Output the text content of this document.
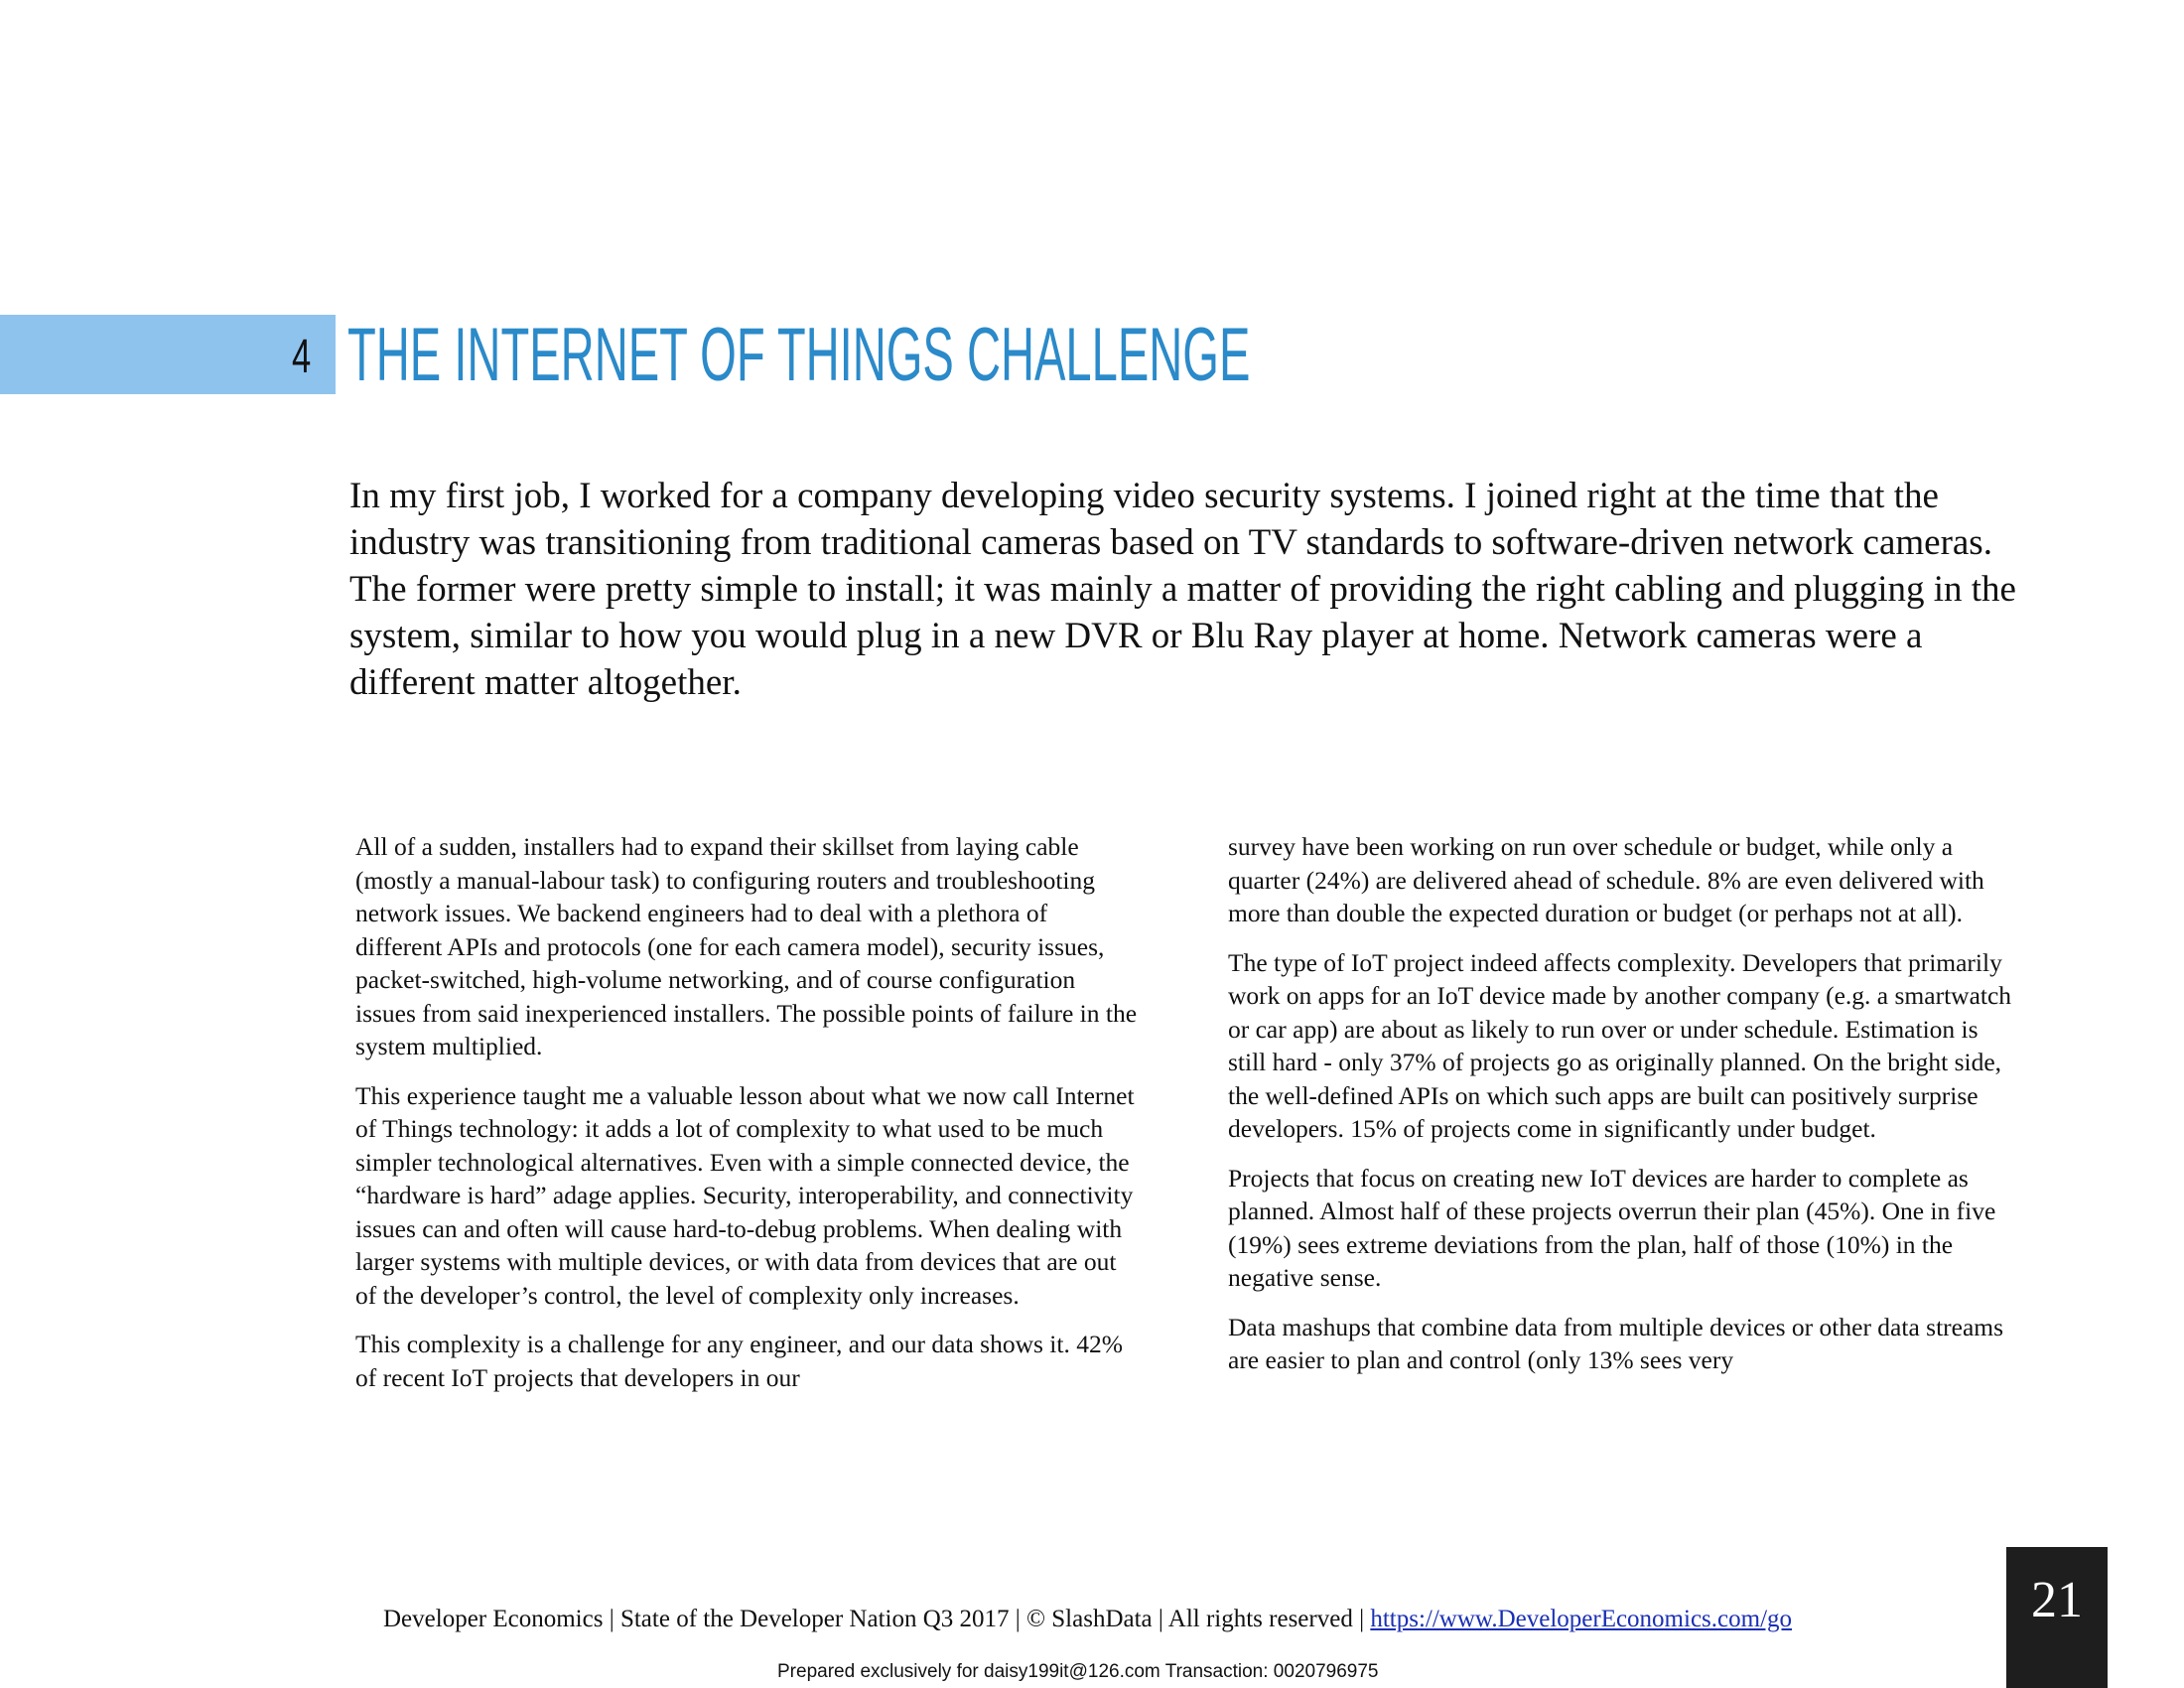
4 THE INTERNET OF THINGS CHALLENGE

In my first job, I worked for a company developing video security systems. I joined right at the time that the industry was transitioning from traditional cameras based on TV standards to software-driven network cameras. The former were pretty simple to install; it was mainly a matter of providing the right cabling and plugging in the system, similar to how you would plug in a new DVR or Blu Ray player at home. Network cameras were a different matter altogether.

All of a sudden, installers had to expand their skillset from laying cable (mostly a manual-labour task) to configuring routers and troubleshooting network issues. We backend engineers had to deal with a plethora of different APIs and protocols (one for each camera model), security issues, packet-switched, high-volume networking, and of course configuration issues from said inexperienced installers. The possible points of failure in the system multiplied.

This experience taught me a valuable lesson about what we now call Internet of Things technology: it adds a lot of complexity to what used to be much simpler technological alternatives. Even with a simple connected device, the “hardware is hard” adage applies. Security, interoperability, and connectivity issues can and often will cause hard-to-debug problems. When dealing with larger systems with multiple devices, or with data from devices that are out of the developer’s control, the level of complexity only increases.

This complexity is a challenge for any engineer, and our data shows it. 42% of recent IoT projects that developers in our

survey have been working on run over schedule or budget, while only a quarter (24%) are delivered ahead of schedule. 8% are even delivered with more than double the expected duration or budget (or perhaps not at all).

The type of IoT project indeed affects complexity. Developers that primarily work on apps for an IoT device made by another company (e.g. a smartwatch or car app) are about as likely to run over or under schedule. Estimation is still hard - only 37% of projects go as originally planned. On the bright side, the well-defined APIs on which such apps are built can positively surprise developers. 15% of projects come in significantly under budget.

Projects that focus on creating new IoT devices are harder to complete as planned. Almost half of these projects overrun their plan (45%). One in five (19%) sees extreme deviations from the plan, half of those (10%) in the negative sense.

Data mashups that combine data from multiple devices or other data streams are easier to plan and control (only 13% sees very

Developer Economics | State of the Developer Nation Q3 2017 | © SlashData | All rights reserved | https://www.DeveloperEconomics.com/go	21
Prepared exclusively for daisy199it@126.com Transaction: 0020796975
